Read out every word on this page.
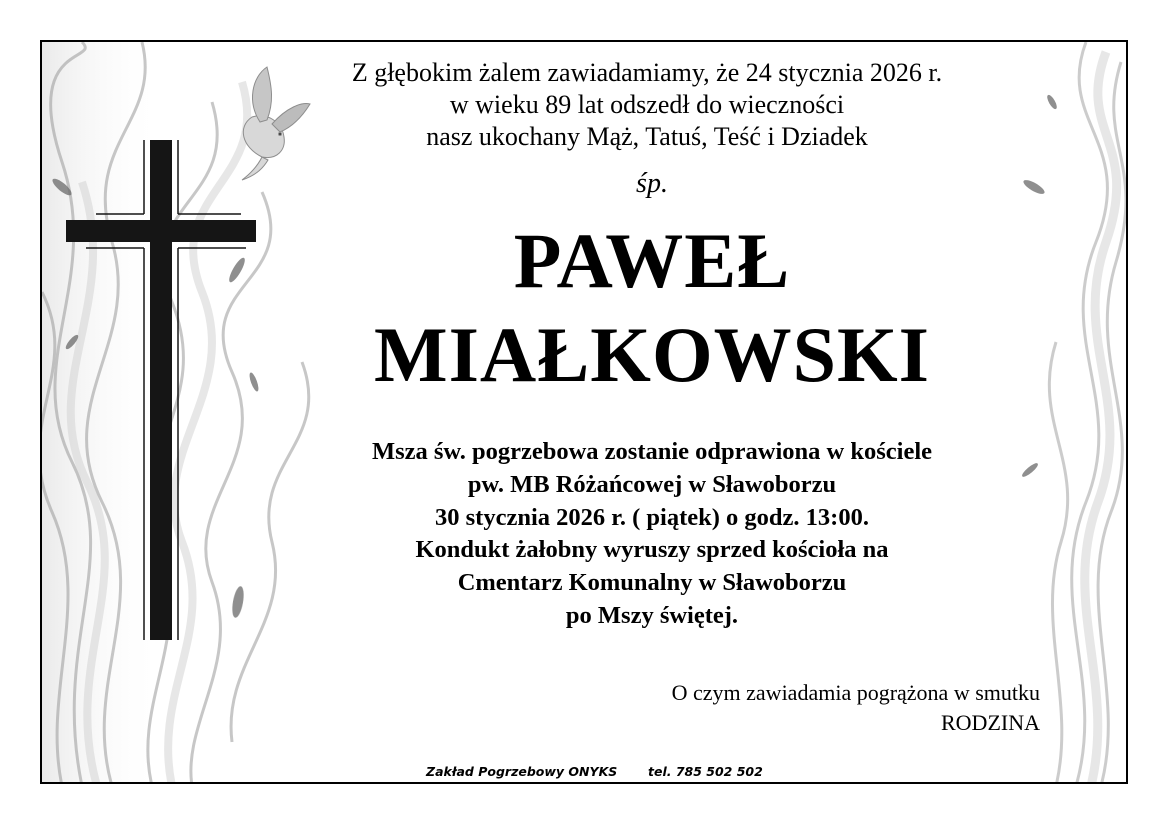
Z głębokim żalem zawiadamiamy, że 24 stycznia 2026 r.
w wieku 89 lat odszedł do wieczności
nasz ukochany Mąż, Tatuś, Teść i Dziadek
śp.
PAWEŁ
MIAŁKOWSKI
Msza św. pogrzebowa zostanie odprawiona w kościele
pw. MB Różańcowej w Sławoborzu
30 stycznia 2026 r. ( piątek) o godz. 13:00.
Kondukt żałobny wyruszy sprzed kościoła na
Cmentarz Komunalny w Sławoborzu
po Mszy świętej.
O czym zawiadamia pogrążona w smutku
RODZINA
Zakład Pogrzebowy ONYKS tel. 785 502 502
